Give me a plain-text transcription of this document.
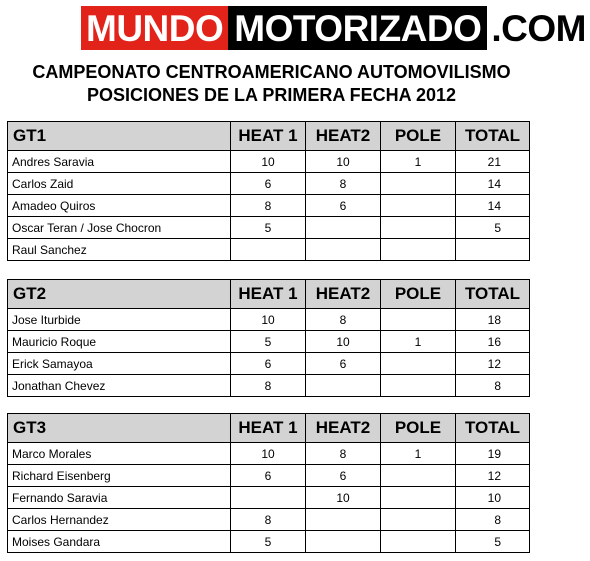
MUNDO MOTORIZADO .COM
CAMPEONATO CENTROAMERICANO AUTOMOVILISMO
POSICIONES DE LA PRIMERA FECHA 2012
GT1	HEAT 1	HEAT2	POLE	TOTAL
Andres Saravia	10	10	1	21
Carlos Zaid	6	8		14
Amadeo Quiros	8	6		14
Oscar Teran / Jose Chocron	5			5
Raul Sanchez				
GT2	HEAT 1	HEAT2	POLE	TOTAL
Jose Iturbide	10	8		18
Mauricio Roque	5	10	1	16
Erick Samayoa	6	6		12
Jonathan Chevez	8			8
GT3	HEAT 1	HEAT2	POLE	TOTAL
Marco Morales	10	8	1	19
Richard Eisenberg	6	6		12
Fernando Saravia		10		10
Carlos Hernandez	8			8
Moises Gandara	5			5
